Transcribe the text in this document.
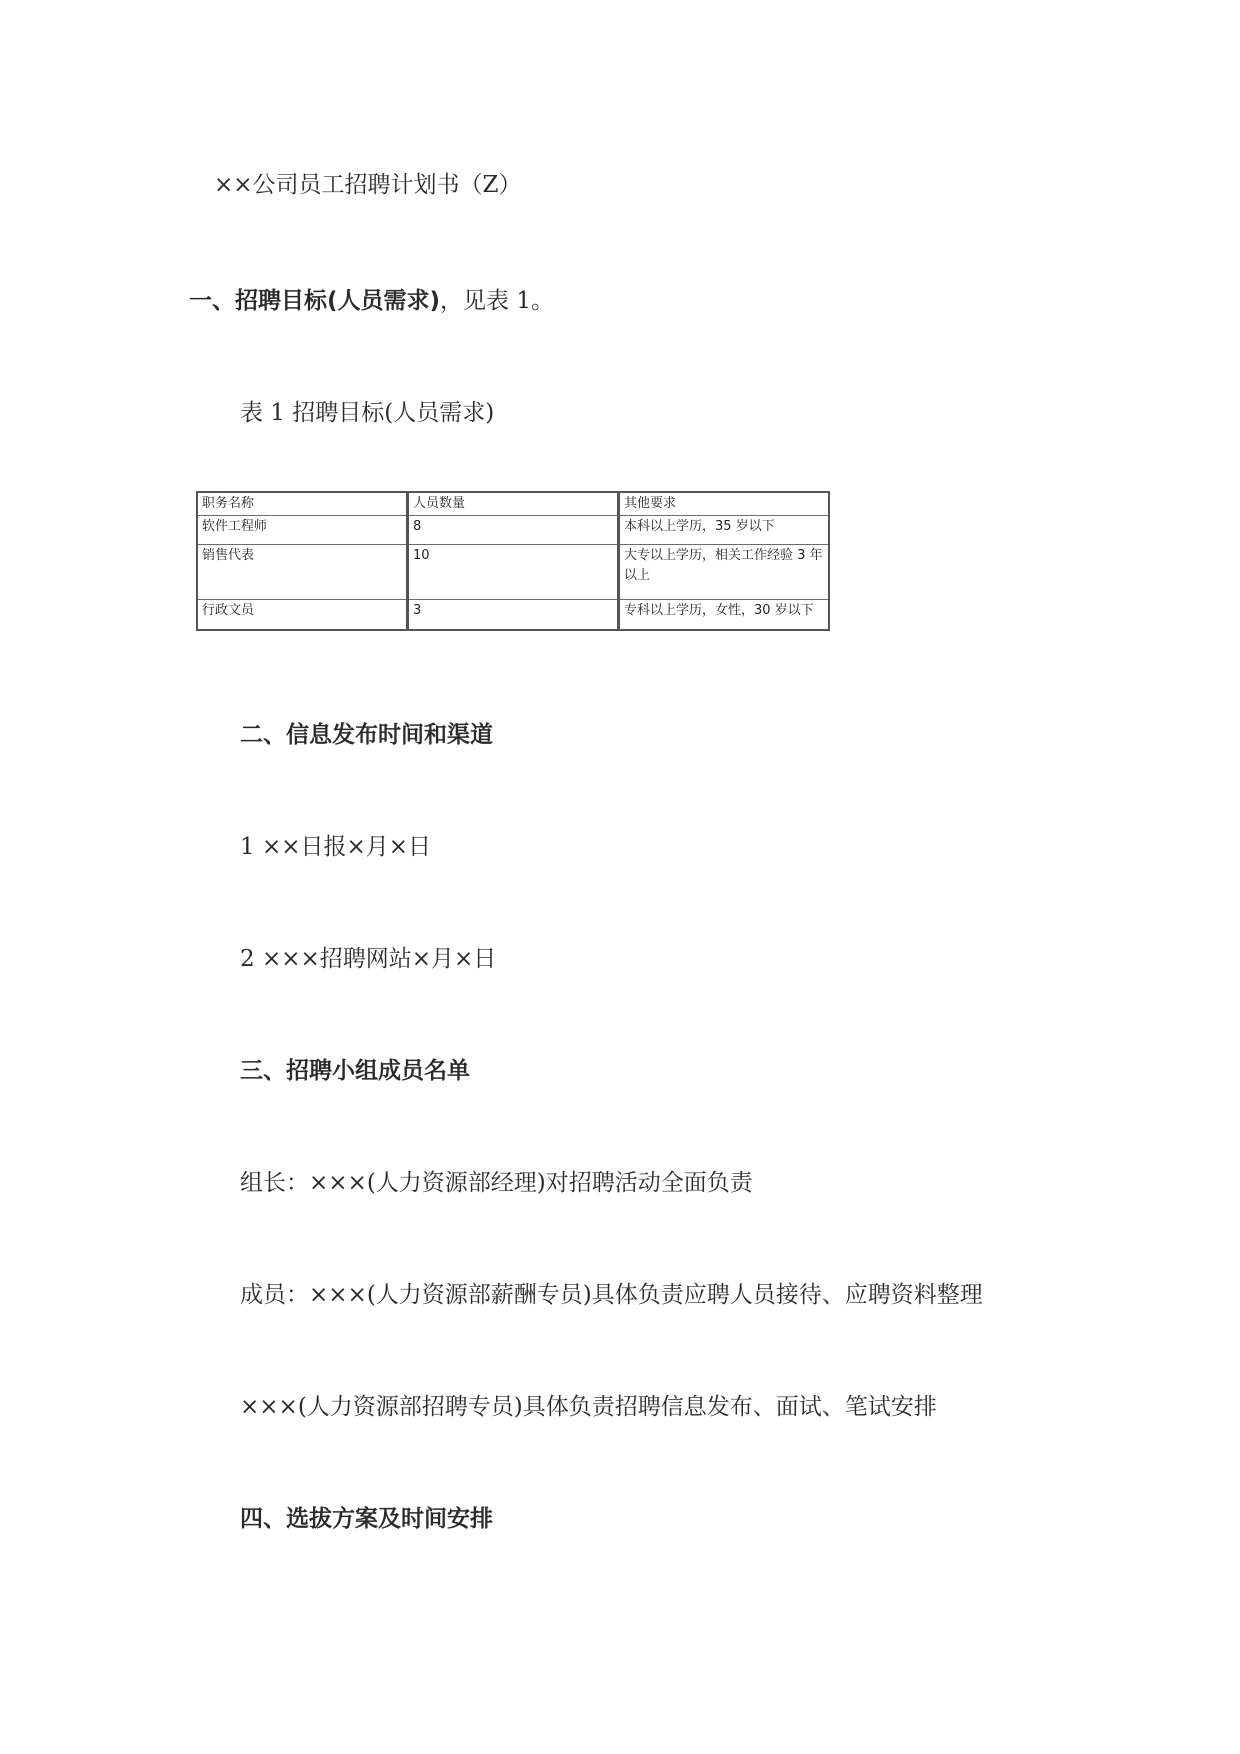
××公司员工招聘计划书（Z）
一、招聘目标(人员需求)，见表 1。
表 1 招聘目标(人员需求)
职务名称	人员数量	其他要求
软件工程师	8	本科以上学历，35 岁以下
销售代表	10	大专以上学历，相关工作经验 3 年以上
行政文员	3	专科以上学历，女性，30 岁以下
二、信息发布时间和渠道
1 ××日报×月×日
2 ×××招聘网站×月×日
三、招聘小组成员名单
组长：×××(人力资源部经理)对招聘活动全面负责
成员：×××(人力资源部薪酬专员)具体负责应聘人员接待、应聘资料整理
×××(人力资源部招聘专员)具体负责招聘信息发布、面试、笔试安排
四、选拔方案及时间安排
